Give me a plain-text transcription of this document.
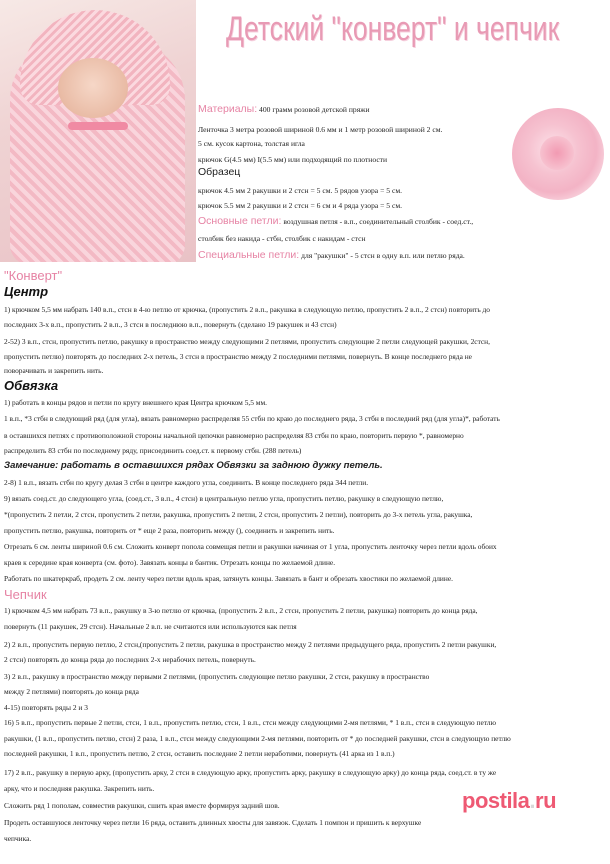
Детский "конверт" и чепчик
Материалы: 400 грамм розовой детской пряжи
Ленточка 3 метра розовой шириной 0.6 мм и 1 метр розовой шириной 2 см.
5 см. кусок картона, толстая игла
крючок G(4.5 мм) I(5.5 мм) или подходящий по плотности
Образец
крючок 4.5 мм 2 ракушки и 2 стсн = 5 см. 5 рядов узора = 5 см.
крючок 5.5 мм 2 ракушки и 2 стсн = 6 см и 4 ряда узора = 5 см.
Основные петли: воздушная петля - в.п., соединительный столбик - соед.ст.,
столбик без накида - стбн, столбик с накидам - стсн
Специальные петли: для "ракушки" - 5 стсн в одну в.п. или петлю ряда.
"Конверт"
Центр
1) крючком 5,5 мм набрать 140 в.п., стсн в 4-ю петлю от крючка, (пропустить 2 в.п., ракушка в следующую петлю, пропустить 2 в.п., 2 стсн) повторить до
последних 3-х в.п., пропустить 2 в.п., 3 стсн в последнюю в.п., повернуть (сделано 19 ракушек и 43 стсн)
2-52) 3 в.п., стсн, пропустить петлю, ракушку в пространство между следующими 2 петлями, пропустить следующие 2 петли следующей ракушки, 2стсн,
пропустить петлю) повторять до последних 2-х петель, 3 стсн в пространство между 2 последними петлями, повернуть. В конце последнего ряда не
поворачивать и закрепить нить.
Обвязка
1) работать в концы рядов и петли по кругу внешнего края Центра крючком 5,5 мм.
1 в.п., *3 стбн в следующий ряд (для угла), вязать равномерно распределяя 55 стбн по краю до последнего ряда, 3 стбн в последний ряд (для угла)*, работать
в оставшихся петлях с противоположной стороны начальной цепочки равномерно распределяя 83 стбн по краю, повторить первую *, равномерно
распределить 83 стбн по последнему ряду, присоединить соед.ст. к первому стбн. (288 петель)
Замечание: работать в оставшихся рядах Обвязки за заднюю дужку петель.
2-8) 1 в.п., вязать стбн по кругу делая 3 стбн в центре каждого угла, соединить. В конце последнего ряда 344 петли.
9) вязать соед.ст. до следующего угла, (соед.ст., 3 в.п., 4 стсн) в центральную петлю угла, пропустить петлю, ракушку в следующую петлю,
*(пропустить 2 петли, 2 стсн, пропустить 2 петли, ракушка, пропустить 2 петли, 2 стсн, пропустить 2 петли), повторить до 3-х петель угла, ракушка,
пропустить петлю, ракушка, повторить от * еще 2 раза, повторить между (), соединить и закрепить нить.
Отрезать 6 см. ленты шириной 0.6 см. Сложить конверт попола совмещая петли и ракушки начиная от 1 угла, пропустить ленточку через петли вдоль обоих
краев к середине края конверта (см. фото). Завязать концы в бантик. Отрезать концы по желаемой длине.
Работать по шкатеркраб, продеть 2 см. ленту через петли вдоль края, затянуть концы. Завязать в бант и обрезать хвостики по желаемой длине.
Чепчик
1) крючком 4,5 мм набрать 73 в.п., ракушку в 3-ю петлю от крючка, (пропустить 2 в.п., 2 стсн, пропустить 2 петли, ракушка) повторить до конца ряда,
повернуть (11 ракушек, 29 стсн). Начальные 2 в.п. не считаются или используются как петля
2) 2 в.п., пропустить первую петлю, 2 стсн,(пропустить 2 петли, ракушка в пространство между 2 петлями предыдущего ряда, пропустить 2 петли ракушки,
2 стсн) повторять до конца ряда до последних 2-х нерабочих петель, повернуть.
3) 2 в.п., ракушку в пространство между первыми 2 петлями, (пропустить следующие петлю ракушки, 2 стсн, ракушку в пространство
между 2 петлями) повторять до конца ряда
4-15) повторять ряды 2 и 3
16) 5 в.п., пропустить первые 2 петли, стсн, 1 в.п., пропустить петлю, стсн, 1 в.п., стсн между следующими 2-мя петлями, * 1 в.п., стсн в следующую петлю
ракушки, (1 в.п., пропустить петлю, стсн) 2 раза, 1 в.п., стсн между следующими 2-мя петлями, повторить от * до последней ракушки, стсн в следующую петлю
последней ракушки, 1 в.п., пропустить петлю, 2 стсн, оставить последние 2 петли неработими, повернуть (41 арка из 1 в.п.)
17) 2 в.п., ракушку в первую арку, (пропустить арку, 2 стсн в следующую арку, пропустить арку, ракушку в следующую арку) до конца ряда, соед.ст. в ту же
арку, что и последняя ракушка. Закрепить нить.
Сложить ряд 1 пополам, совместив ракушки, сшить края вместе формируя задний шов.
Продеть оставшуюся ленточку через петли 16 ряда, оставить длинных хвосты для завязок. Сделать 1 помпон и пришить к верхушке
чепчика.
postila.ru
